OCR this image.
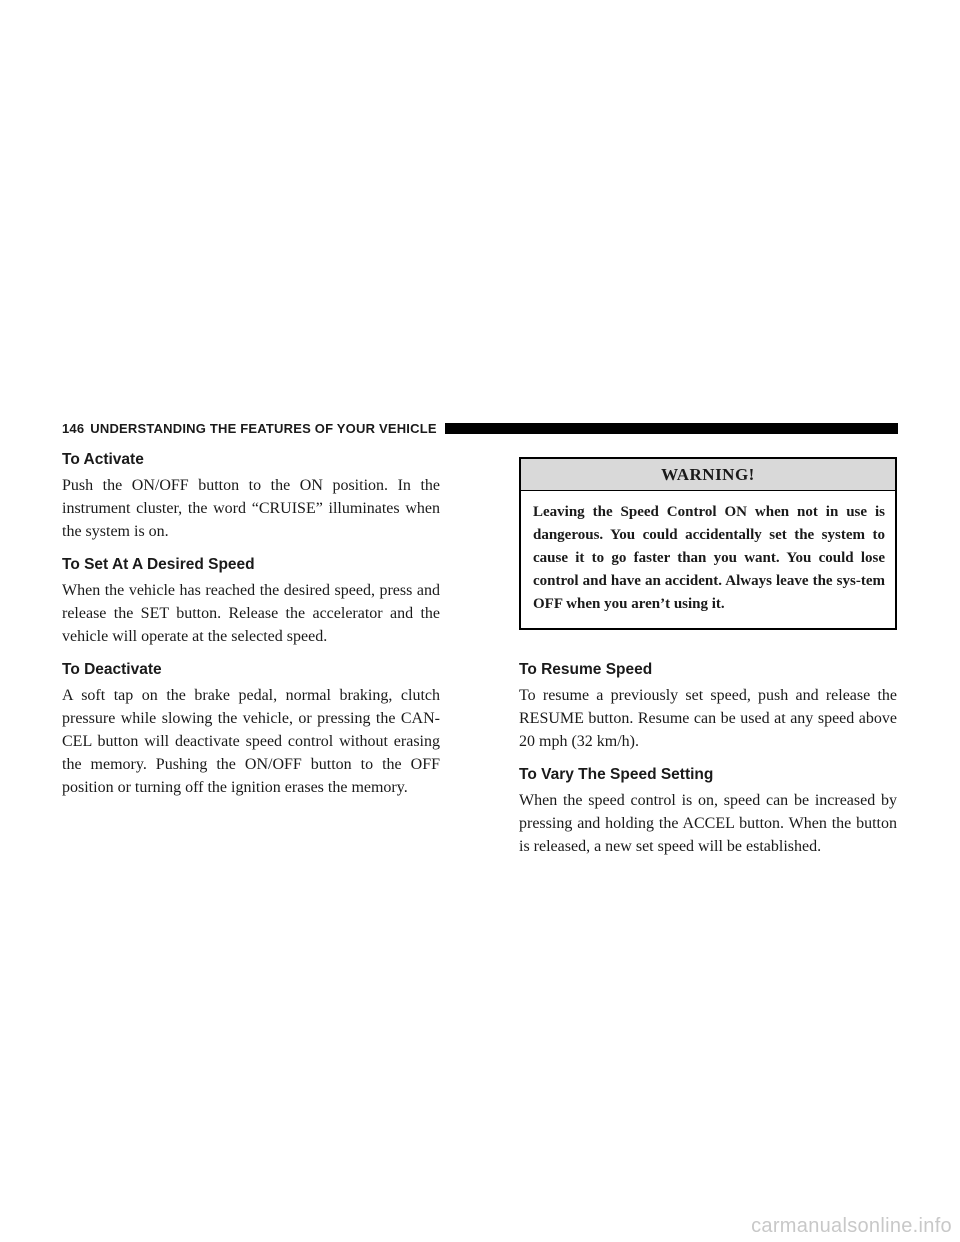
146 UNDERSTANDING THE FEATURES OF YOUR VEHICLE
To Activate

Push the ON/OFF button to the ON position. In the instrument cluster, the word “CRUISE” illuminates when the system is on.

To Set At A Desired Speed

When the vehicle has reached the desired speed, press and release the SET button. Release the accelerator and the vehicle will operate at the selected speed.

To Deactivate

A soft tap on the brake pedal, normal braking, clutch pressure while slowing the vehicle, or pressing the CAN-CEL button will deactivate speed control without erasing the memory. Pushing the ON/OFF button to the OFF position or turning off the ignition erases the memory.

WARNING!
Leaving the Speed Control ON when not in use is dangerous. You could accidentally set the system to cause it to go faster than you want. You could lose control and have an accident. Always leave the sys-tem OFF when you aren’t using it.
To Resume Speed

To resume a previously set speed, push and release the RESUME button. Resume can be used at any speed above 20 mph (32 km/h).

To Vary The Speed Setting

When the speed control is on, speed can be increased by pressing and holding the ACCEL button. When the button is released, a new set speed will be established.

carmanualsonline.info
